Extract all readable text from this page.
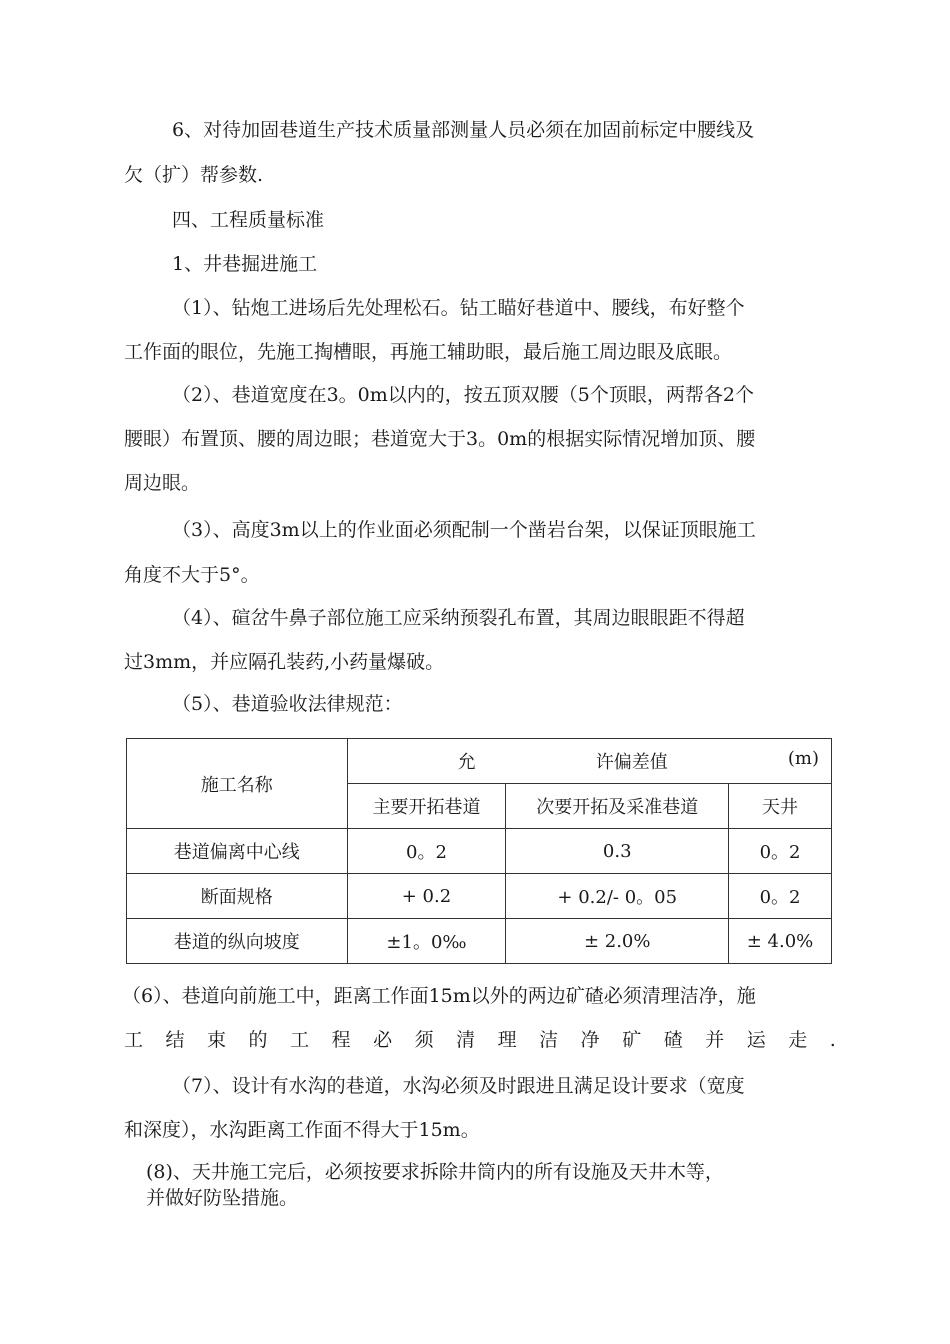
6、对待加固巷道生产技术质量部测量人员必须在加固前标定中腰线及
欠（扩）帮参数.
四、工程质量标准
1、井巷掘进施工
（1）、钻炮工进场后先处理松石。钻工瞄好巷道中、腰线，布好整个
工作面的眼位，先施工掏槽眼，再施工辅助眼，最后施工周边眼及底眼。
（2）、巷道宽度在3。0m以内的，按五顶双腰（5个顶眼，两帮各2个
腰眼）布置顶、腰的周边眼；巷道宽大于3。0m的根据实际情况增加顶、腰
周边眼。
（3）、高度3m以上的作业面必须配制一个凿岩台架，以保证顶眼施工
角度不大于5°。
（4）、碹岔牛鼻子部位施工应采纳预裂孔布置，其周边眼眼距不得超
过3mm，并应隔孔装药,小药量爆破。
（5）、巷道验收法律规范：
施工名称	允 许偏差值 (m)		

	主要开拓巷道	次要开拓及采准巷道	天井
巷道偏离中心线	0。2	0.3	0。2
断面规格	+ 0.2	+ 0.2/- 0。05	0。2
巷道的纵向坡度	±1。0‰	± 2.0%	± 4.0%
（6）、巷道向前施工中，距离工作面15m以外的两边矿碴必须清理洁净，施
工 结 束 的 工 程 必 须 清 理 洁 净 矿 碴 并 运 走 .
（7）、设计有水沟的巷道，水沟必须及时跟进且满足设计要求（宽度
和深度），水沟距离工作面不得大于15m。
(8)、天井施工完后，必须按要求拆除井筒内的所有设施及天井木等，
并做好防坠措施。
